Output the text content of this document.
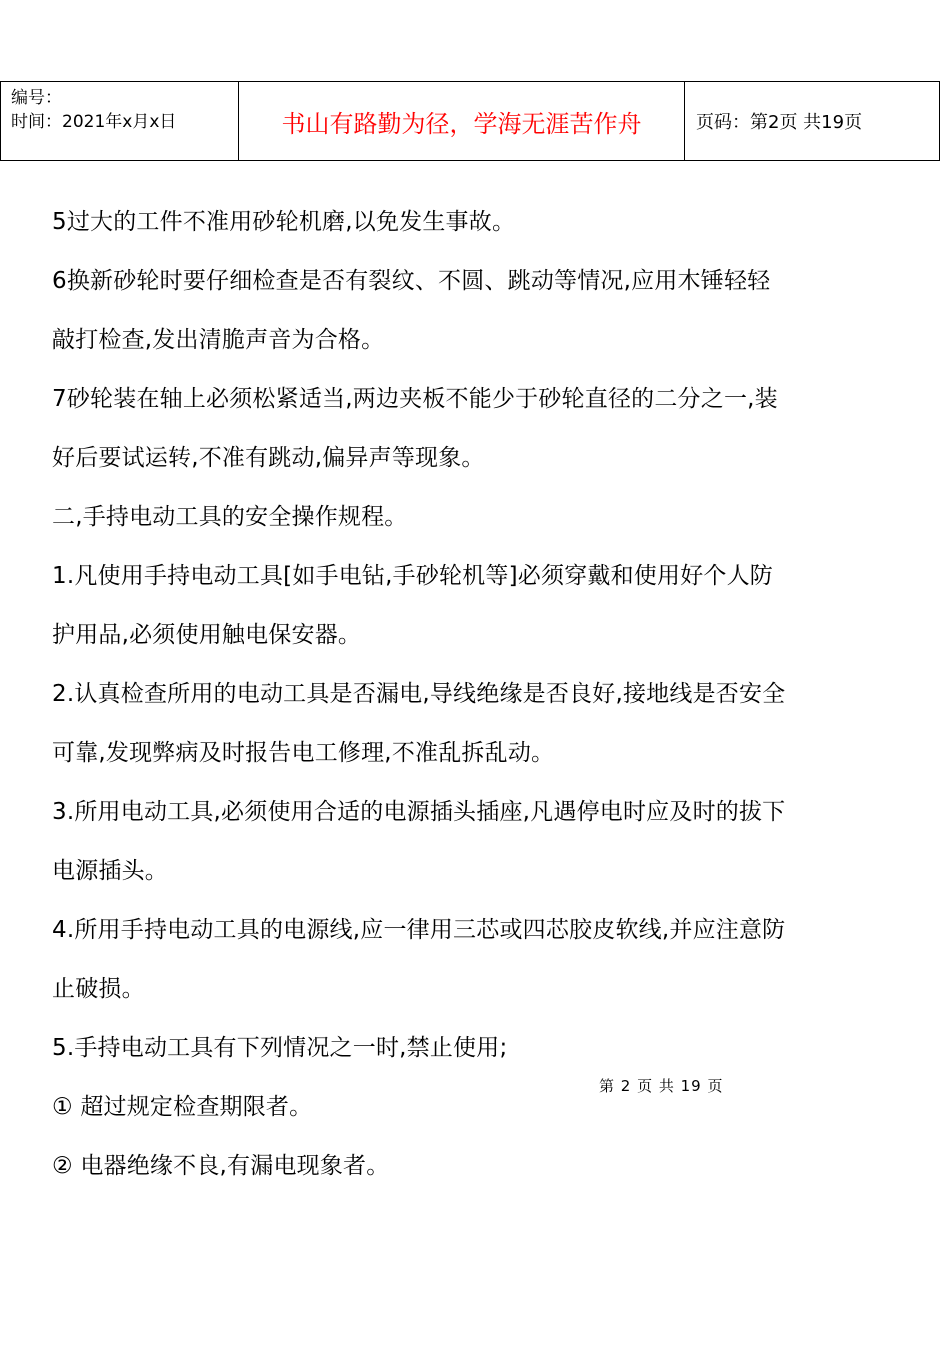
编号：
时间：2021年x月x日	书山有路勤为径，学海无涯苦作舟	页码：第2页 共19页

5过大的工件不准用砂轮机磨,以免发生事故。

6换新砂轮时要仔细检查是否有裂纹、不圆、跳动等情况,应用木锤轻轻

敲打检查,发出清脆声音为合格。

7砂轮装在轴上必须松紧适当,两边夹板不能少于砂轮直径的二分之一,装

好后要试运转,不准有跳动,偏异声等现象。

二,手持电动工具的安全操作规程。

1.凡使用手持电动工具[如手电钻,手砂轮机等]必须穿戴和使用好个人防

护用品,必须使用触电保安器。

2.认真检查所用的电动工具是否漏电,导线绝缘是否良好,接地线是否安全

可靠,发现弊病及时报告电工修理,不准乱拆乱动。

3.所用电动工具,必须使用合适的电源插头插座,凡遇停电时应及时的拔下

电源插头。

4.所用手持电动工具的电源线,应一律用三芯或四芯胶皮软线,并应注意防

止破损。

5.手持电动工具有下列情况之一时,禁止使用;

① 超过规定检查期限者。

② 电器绝缘不良,有漏电现象者。

第 2 页 共 19 页
